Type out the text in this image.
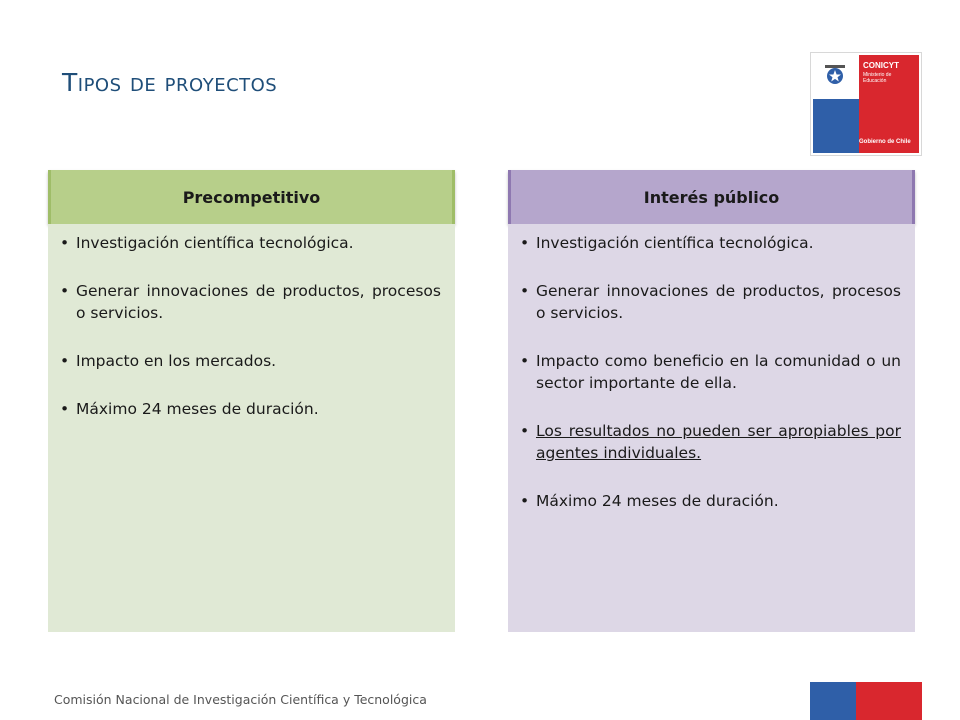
Tipos de proyectos
CONICYT
Ministerio de Educación
Gobierno de Chile
Precompetitivo
• Investigación científica tecnológica.
• Generar innovaciones de productos, procesos o servicios.
• Impacto en los mercados.
• Máximo 24 meses de duración.
Interés público
• Investigación científica tecnológica.
• Generar innovaciones de productos, procesos o servicios.
• Impacto como beneficio en la comunidad o un sector importante de ella.
• Los resultados no pueden ser apropiables por agentes individuales.
• Máximo 24 meses de duración.
Comisión Nacional de Investigación Científica y Tecnológica
